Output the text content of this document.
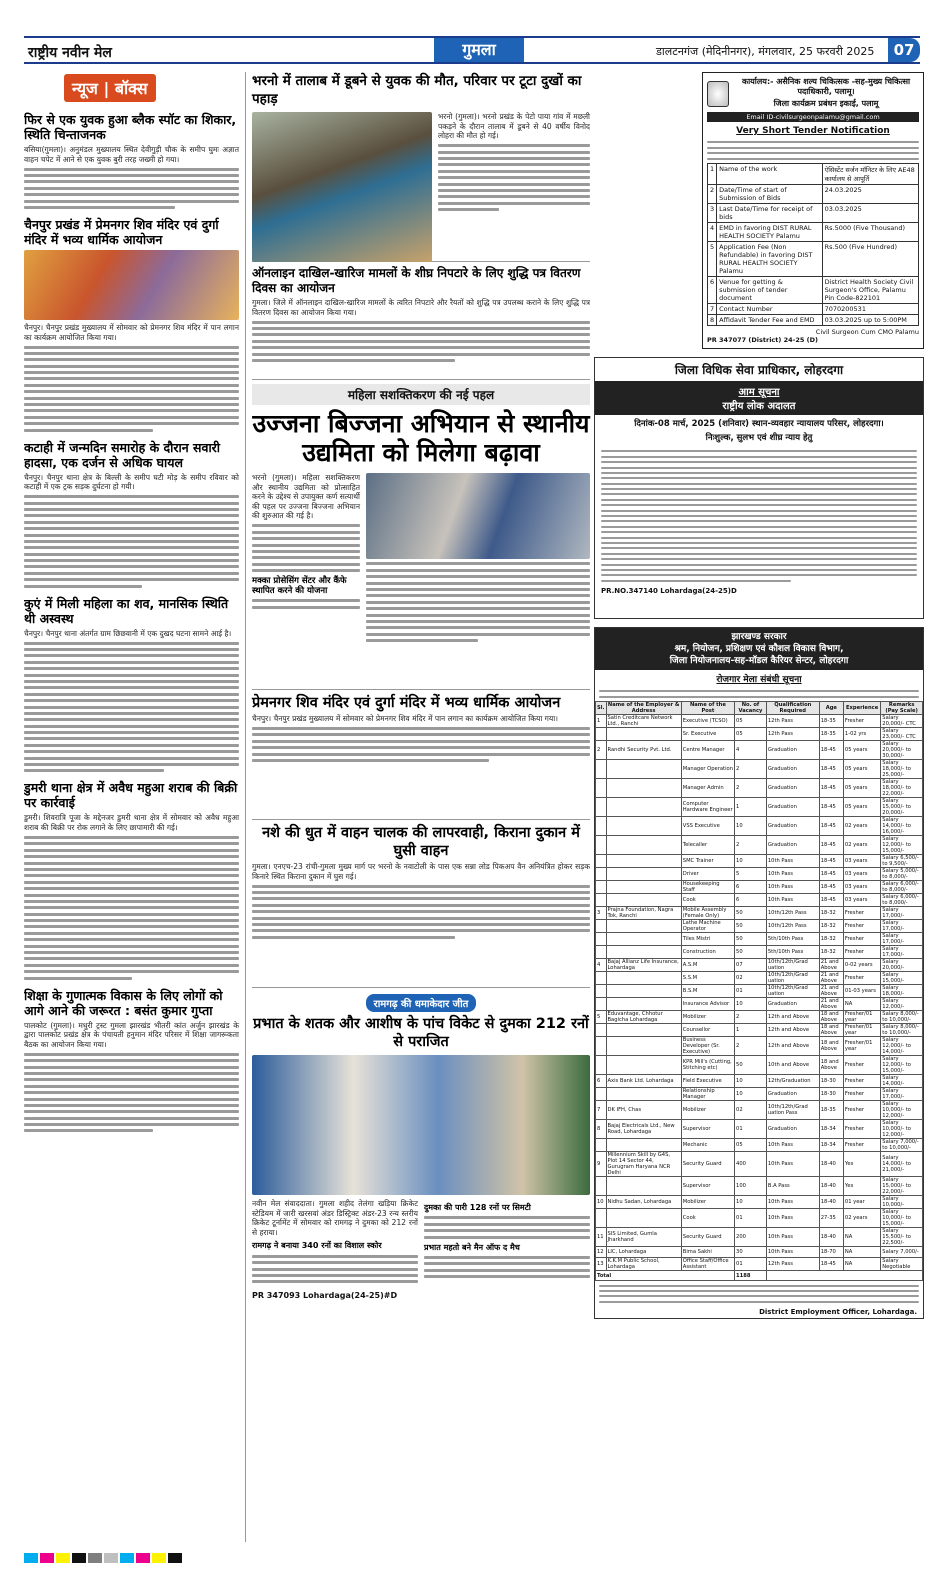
राष्ट्रीय नवीन मेल	गुमला	डालटनगंज (मेदिनीनगर), मंगलवार, 25 फरवरी 2025	07
न्यूज | बॉक्स
फिर से एक युवक हुआ ब्लैक स्पॉट का शिकार, स्थिति चिन्ताजनक
बसिया(गुमला)। अनुमंडल मुख्यालय स्थित देवीगुड़ी चौक के समीप घुमः अज्ञात वाहन चपेट में आने से एक युवक बुरी तरह जख्मी हो गया।
चैनपुर प्रखंड में प्रेमनगर शिव मंदिर एवं दुर्गा मंदिर में भव्य धार्मिक आयोजन
चैनपुर। चैनपुर प्रखंड मुख्यालय में सोमवार को प्रेमनगर शिव मंदिर में पान लगान का कार्यक्रम आयोजित किया गया।
कटाही में जन्मदिन समारोह के दौरान सवारी हादसा, एक दर्जन से अधिक घायल
चैनपुर। चैनपुर थाना क्षेत्र के बिल्ली के समीप घटी मोड़ के समीप रविवार को कटाही में एक ट्रक सड़क दुर्घटना हो गयी।
कुएं में मिली महिला का शव, मानसिक स्थिति थी अस्वस्थ
चैनपुर। चैनपुर थाना अंतर्गत ग्राम छिछवानी में एक दुखद घटना सामने आई है।
डुमरी थाना क्षेत्र में अवैध महुआ शराब की बिक्री पर कार्रवाई
डुमरी। शिवरात्रि पूजा के मद्देनजर डुमरी थाना क्षेत्र में सोमवार को अवैध महुआ शराब की बिक्री पर रोक लगाने के लिए छापामारी की गई।
शिक्षा के गुणात्मक विकास के लिए लोगों को आगे आने की जरूरत : बसंत कुमार गुप्ता
पालकोट (गुमला)। मधुरी ट्रस्ट गुमला झारखंड भीतरी कांत अर्जुन झारखंड के द्वारा पालकोट प्रखंड क्षेत्र के पंचायती हनुमान मंदिर परिसर में शिक्षा जागरूकता बैठक का आयोजन किया गया।
भरनो में तालाब में डूबने से युवक की मौत, परिवार पर टूटा दुखों का पहाड़
भरनो (गुमला)। भरनो प्रखंड के पेटो पाया गांव में मछली पकड़ने के दौरान तालाब में डूबने से 40 वर्षीय विनोद लोहरा की मौत हो गई।
ऑनलाइन दाखिल-खारिज मामलों के शीघ्र निपटारे के लिए शुद्धि पत्र वितरण दिवस का आयोजन
गुमला। जिले में ऑनलाइन दाखिल-खारिज मामलों के त्वरित निपटारे और रैयतों को शुद्धि पत्र उपलब्ध कराने के लिए शुद्धि पत्र वितरण दिवस का आयोजन किया गया।
महिला सशक्तिकरण की नई पहल
उज्जना बिज्जना अभियान से स्थानीय उद्यमिता को मिलेगा बढ़ावा
भरनो (गुमला)। महिला सशक्तिकरण और स्थानीय उद्यमिता को प्रोत्साहित करने के उद्देश्य से उपायुक्त कर्ण सत्यार्थी की पहल पर उज्जना बिज्जना अभियान की शुरुआत की गई है।
मक्का प्रोसेसिंग सेंटर और कैंफे स्थापित करने की योजना
प्रेमनगर शिव मंदिर एवं दुर्गा मंदिर में भव्य धार्मिक आयोजन
चैनपुर। चैनपुर प्रखंड मुख्यालय में सोमवार को प्रेमनगर शिव मंदिर में पान लगान का कार्यक्रम आयोजित किया गया।
नशे की धुत में वाहन चालक की लापरवाही, किराना दुकान में घुसी वाहन
गुमला। एनएच-23 रांची-गुमला मुख्य मार्ग पर भरनो के नवाटोली के पास एक सन्ना लोड पिकअप वैन अनियंत्रित होकर सड़क किनारे स्थित किराना दुकान में घुस गई।
रामगढ़ की धमाकेदार जीत
प्रभात के शतक और आशीष के पांच विकेट से दुमका 212 रनों से पराजित
नवीन मेल संवाददाता। गुमला शहीद तेलंगा खड़िया क्रिकेट स्टेडियम में जारी खरसवां अंडर डिस्ट्रिक्ट अंडर-23 रन्य स्तरीय क्रिकेट टूर्नामेंट में सोमवार को रामगढ़ ने दुमका को 212 रनों से हराया।
रामगढ़ ने बनाया 340 रनों का विशाल स्कोर
दुमका की पारी 128 रनों पर सिमटी
प्रभात महतो बने मैन ऑफ द मैच
PR 347093 Lohardaga(24-25)#D
कार्यालय:- असैनिक शल्य चिकित्सक -सह-मुख्य चिकित्सा पदाधिकारी, पलामू।
जिला कार्यक्रम प्रबंधन इकाई, पलामू
Email ID-civilsurgeonpalamu@gmail.com
Very Short Tender Notification
1	Name of the work	ऐसिस्टेंट सर्जन मॉनिटर के लिए AE48 कार्यालय से आपूर्ति
2	Date/Time of start of Submission of Bids	24.03.2025
3	Last Date/Time for receipt of bids	03.03.2025
4	EMD in favoring DIST RURAL HEALTH SOCIETY Palamu	Rs.5000 (Five Thousand)
5	Application Fee (Non Refundable) in favoring DIST RURAL HEALTH SOCIETY Palamu	Rs.500 (Five Hundred)
6	Venue for getting & submission of tender document	District Health Society Civil Surgeon's Office, Palamu Pin Code-822101
7	Contact Number	7070200531
8	Affidavit Tender Fee and EMD	03.03.2025 up to 5:00PM
Civil Surgeon Cum CMO Palamu
PR 347077 (District) 24-25 (D)
जिला विधिक सेवा प्राधिकार, लोहरदगा
आम सूचना
राष्ट्रीय लोक अदालत
दिनांक-08 मार्च, 2025 (शनिवार) स्थान-व्यवहार न्यायालय परिसर, लोहरदगा।
निःशुल्क, सुलभ एवं शीघ्र न्याय हेतु
PR.NO.347140 Lohardaga(24-25)D
झारखण्ड सरकार
श्रम, नियोजन, प्रशिक्षण एवं कौशल विकास विभाग,
जिला नियोजनालय-सह-मॉडल कैरियर सेन्टर, लोहरदगा
रोजगार मेला संबंधी सूचना
Sl.	Name of the Employer & Address	Name of the Post	No. of Vacancy	Qualification Required	Age	Experience	Remarks (Pay Scale)
1	Satin Creditcare Network Ltd., Ranchi	Executive (TCSO)	05	12th Pass	18-35	Fresher	Salary 20,000/- CTC
		Sr. Executive	05	12th Pass	18-35	1-02 yrs	Salary 23,000/- CTC
2	Randhi Security Pvt. Ltd.	Centre Manager	4	Graduation	18-45	05 years	Salary 20,000/- to 30,000/-
		Manager Operation	2	Graduation	18-45	05 years	Salary 18,000/- to 25,000/-
		Manager Admin	2	Graduation	18-45	05 years	Salary 18,000/- to 22,000/-
		Computer Hardware Engineer	1	Graduation	18-45	05 years	Salary 15,000/- to 20,000/-
		VSS Executive	10	Graduation	18-45	02 years	Salary 14,000/- to 16,000/-
		Telecaller	2	Graduation	18-45	02 years	Salary 12,000/- to 15,000/-
		SMC Trainer	10	10th Pass	18-45	03 years	Salary 6,500/- to 9,500/-
		Driver	5	10th Pass	18-45	03 years	Salary 5,000/- to 8,000/-
		Housekeeping Staff	6	10th Pass	18-45	03 years	Salary 6,000/- to 8,000/-
		Cook	6	10th Pass	18-45	03 years	Salary 6,000/- to 8,000/-
3	Prajna Foundation, Nagra Tok, Ranchi	Mobile Assembly (Female Only)	50	10th/12th Pass	18-32	Fresher	Salary 17,000/-
		Lathe Machine Operator	50	10th/12th Pass	18-32	Fresher	Salary 17,000/-
		Tiles Mistri	50	5th/10th Pass	18-32	Fresher	Salary 17,000/-
		Construction	50	5th/10th Pass	18-32	Fresher	Salary 17,000/-
4	Bajaj Allianz Life Insurance, Lohardaga	A.S.M	07	10th/12th/Grad uation	21 and Above	0-02 years	Salary 20,000/-
		S.S.M	02	10th/12th/Grad uation	21 and Above	Fresher	Salary 15,000/-
		B.S.M	01	10th/12th/Grad uation	21 and Above	01-03 years	Salary 18,000/-
		Insurance Advisor	10	Graduation	21 and Above	NA	Salary 12,000/-
5	Eduvantage, Chhotur Bagicha Lohardaga	Mobilizer	2	12th and Above	18 and Above	Fresher/01 year	Salary 8,000/- to 10,000/-
		Counsellor	1	12th and Above	18 and Above	Fresher/01 year	Salary 8,000/- to 10,000/-
		Business Developer (Sr. Executive)	2	12th and Above	18 and Above	Fresher/01 year	Salary 12,000/- to 14,000/-
		KPR Mill's (Cutting, Stitching etc)	50	10th and Above	18 and Above	Fresher	Salary 12,000/- to 15,000/-
6	Axis Bank Ltd. Lohardaga	Field Executive	10	12th/Graduation	18-30	Fresher	Salary 14,000/-
		Relationship Manager	10	Graduation	18-30	Fresher	Salary 17,000/-
7	DK IFH, Chas	Mobilizer	02	10th/12th/Grad uation Pass	18-35	Fresher	Salary 10,000/- to 12,000/-
8	Bajaj Electricals Ltd., New Road, Lohardaga	Supervisor	01	Graduation	18-34	Fresher	Salary 10,000/- to 12,000/-
		Mechanic	05	10th Pass	18-34	Fresher	Salary 7,000/- to 10,000/-
9	Millennium Skill by G4S, Plot 14 Sector 44, Gurugram Haryana NCR Delhi	Security Guard	400	10th Pass	18-40	Yes	Salary 14,000/- to 21,000/-
		Supervisor	100	B.A Pass	18-40	Yes	Salary 15,000/- to 22,000/-
10	Nidhu Sadan, Lohardaga	Mobilizer	10	10th Pass	18-40	01 year	Salary 10,000/-
		Cook	01	10th Pass	27-35	02 years	Salary 10,000/- to 15,000/-
11	SIS Limited, Gumla Jharkhand	Security Guard	200	10th Pass	18-40	NA	Salary 15,500/- to 22,500/-
12	LIC, Lohardaga	Bima Sakhi	30	10th Pass	18-70	NA	Salary 7,000/-
13	K.K.M Public School, Lohardaga	Office Staff/Office Assistant	01	12th Pass	18-45	NA	Salary Negotiable
Total			1188				
District Employment Officer, Lohardaga.
